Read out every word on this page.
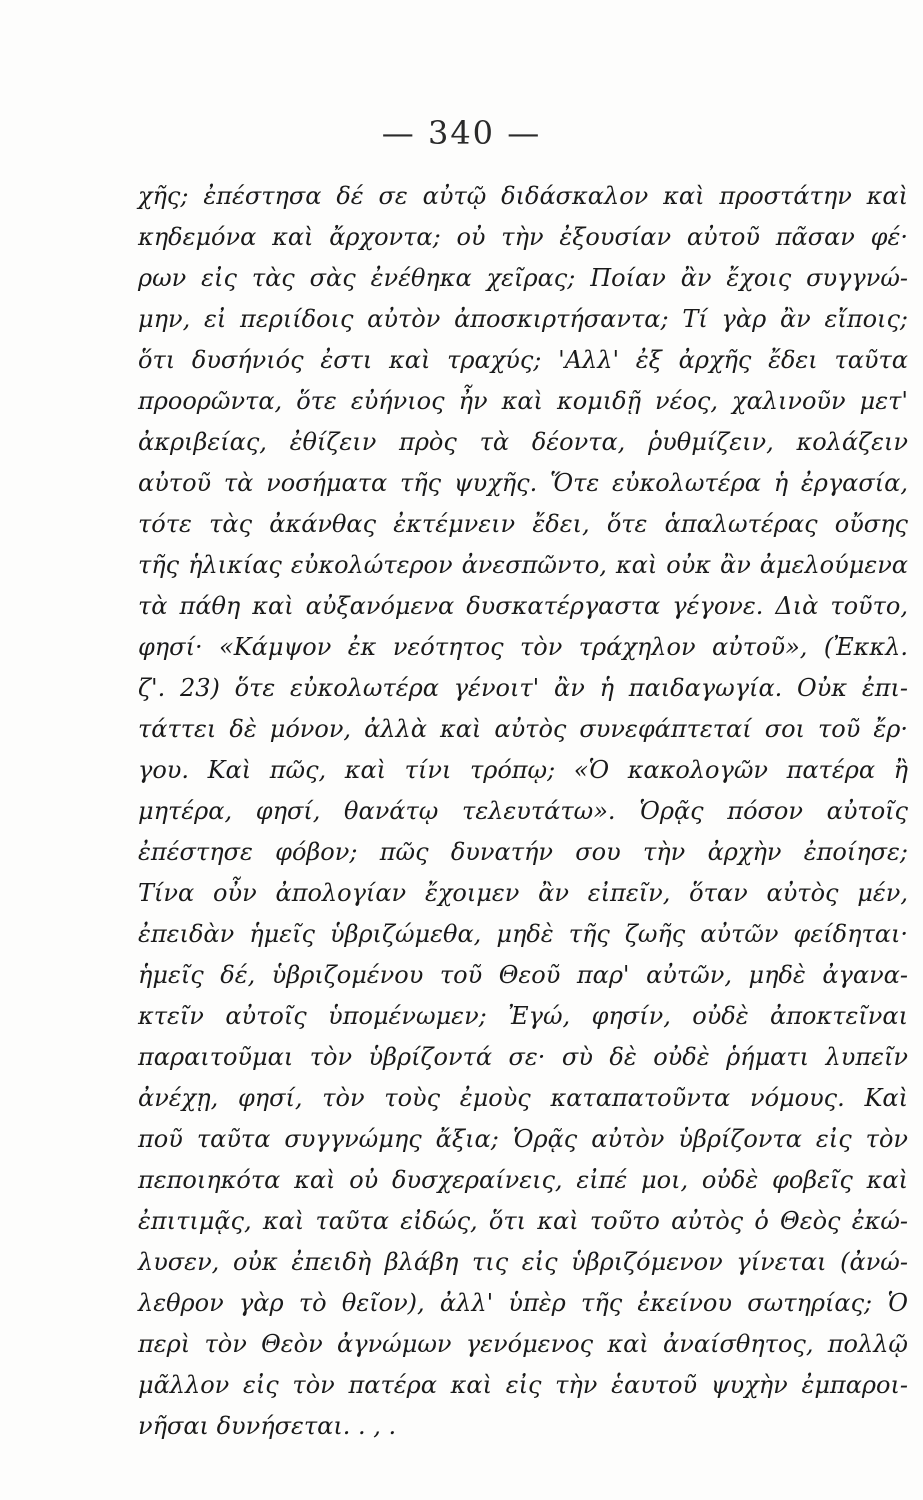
— 340 —
χῆς; ἐπέστησα δέ σε αὐτῷ διδάσκαλον καὶ προστάτην καὶ
κηδεμόνα καὶ ἄρχοντα; οὐ τὴν ἐξουσίαν αὐτοῦ πᾶσαν φέ·
ρων εἰς τὰς σὰς ἐνέθηκα χεῖρας; Ποίαν ἂν ἔχοις συγγνώ-
μην, εἰ περιίδοις αὐτὸν ἀποσκιρτήσαντα; Τί γὰρ ἂν εἴποις;
ὅτι δυσήνιός ἐστι καὶ τραχύς; 'Αλλ' ἐξ ἀρχῆς ἔδει ταῦτα
προορῶντα, ὅτε εὐήνιος ἦν καὶ κομιδῇ νέος, χαλινοῦν μετ'
ἀκριβείας, ἐθίζειν πρὸς τὰ δέοντα, ῥυθμίζειν, κολάζειν
αὐτοῦ τὰ νοσήματα τῆς ψυχῆς. Ὅτε εὐκολωτέρα ἡ ἐργασία,
τότε τὰς ἀκάνθας ἐκτέμνειν ἔδει, ὅτε ἁπαλωτέρας οὔσης
τῆς ἡλικίας εὐκολώτερον ἀνεσπῶντο, καὶ οὐκ ἂν ἀμελούμενα
τὰ πάθη καὶ αὐξανόμενα δυσκατέργαστα γέγονε. Διὰ τοῦτο,
φησί· «Κάμψον ἐκ νεότητος τὸν τράχηλον αὐτοῦ», (Ἐκκλ.
ζ'. 23) ὅτε εὐκολωτέρα γένοιτ' ἂν ἡ παιδαγωγία. Οὐκ ἐπι-
τάττει δὲ μόνον, ἀλλὰ καὶ αὐτὸς συνεφάπτεταί σοι τοῦ ἔρ·
γου. Καὶ πῶς, καὶ τίνι τρόπῳ; «Ὁ κακολογῶν πατέρα ἢ
μητέρα, φησί, θανάτῳ τελευτάτω». Ὁρᾷς πόσον αὐτοῖς
ἐπέστησε φόβον; πῶς δυνατήν σου τὴν ἀρχὴν ἐποίησε;
Τίνα οὖν ἀπολογίαν ἔχοιμεν ἂν εἰπεῖν, ὅταν αὐτὸς μέν,
ἐπειδὰν ἡμεῖς ὑβριζώμεθα, μηδὲ τῆς ζωῆς αὐτῶν φείδηται·
ἡμεῖς δέ, ὑβριζομένου τοῦ Θεοῦ παρ' αὐτῶν, μηδὲ ἀγανα-
κτεῖν αὐτοῖς ὑπομένωμεν; Ἐγώ, φησίν, οὐδὲ ἀποκτεῖναι
παραιτοῦμαι τὸν ὑβρίζοντά σε· σὺ δὲ οὐδὲ ῥήματι λυπεῖν
ἀνέχῃ, φησί, τὸν τοὺς ἐμοὺς καταπατοῦντα νόμους. Καὶ
ποῦ ταῦτα συγγνώμης ἄξια; Ὁρᾷς αὐτὸν ὑβρίζοντα εἰς τὸν
πεποιηκότα καὶ οὐ δυσχεραίνεις, εἰπέ μοι, οὐδὲ φοβεῖς καὶ
ἐπιτιμᾷς, καὶ ταῦτα εἰδώς, ὅτι καὶ τοῦτο αὐτὸς ὁ Θεὸς ἐκώ-
λυσεν, οὐκ ἐπειδὴ βλάβη τις εἰς ὑβριζόμενον γίνεται (ἀνώ-
λεθρον γὰρ τὸ θεῖον), ἀλλ' ὑπὲρ τῆς ἐκείνου σωτηρίας; Ὁ
περὶ τὸν Θεὸν ἀγνώμων γενόμενος καὶ ἀναίσθητος, πολλῷ
μᾶλλον εἰς τὸν πατέρα καὶ εἰς τὴν ἑαυτοῦ ψυχὴν ἐμπαροι-
νῆσαι δυνήσεται. . , .
